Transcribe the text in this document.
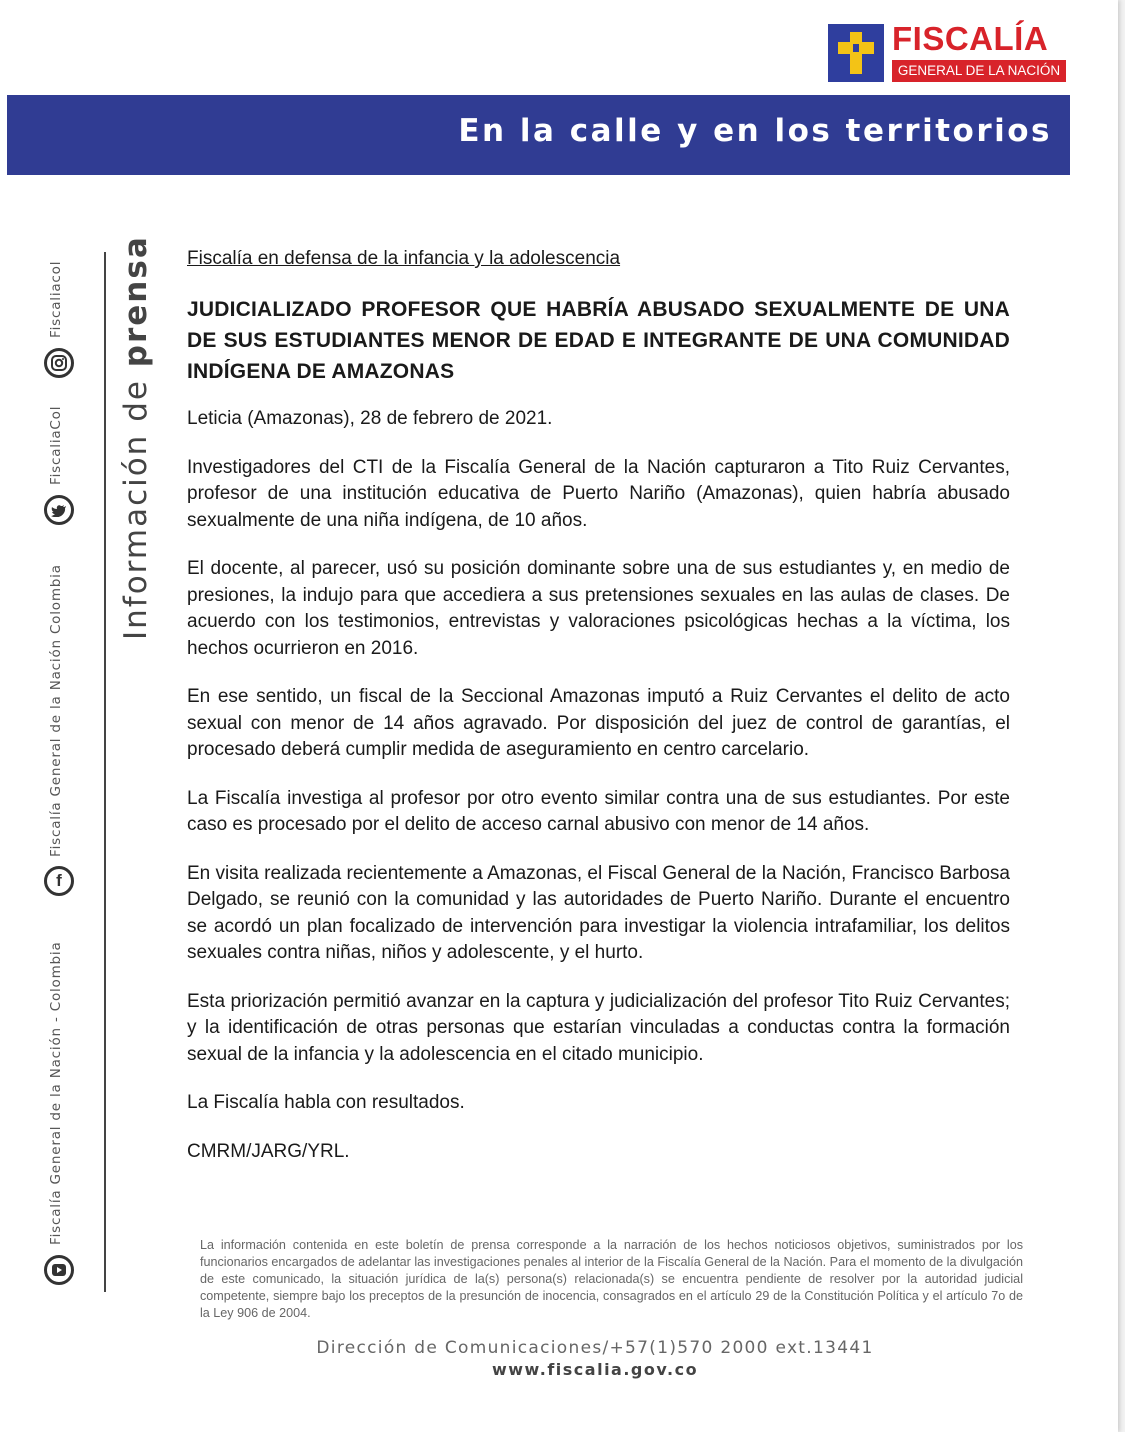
FISCALÍA
GENERAL DE LA NACIÓN
En la calle y en los territorios
Información de prensa
Fiscalía General de la Nación - Colombia
f
Fiscalía General de la Nación Colombia
FiscaliaCol
Fiscaliacol
Fiscalía en defensa de la infancia y la adolescencia
JUDICIALIZADO PROFESOR QUE HABRÍA ABUSADO SEXUALMENTE DE UNA DE SUS ESTUDIANTES MENOR DE EDAD E INTEGRANTE DE UNA COMUNIDAD INDÍGENA DE AMAZONAS

Leticia (Amazonas), 28 de febrero de 2021.

Investigadores del CTI de la Fiscalía General de la Nación capturaron a Tito Ruiz Cervantes, profesor de una institución educativa de Puerto Nariño (Amazonas), quien habría abusado sexualmente de una niña indígena, de 10 años.

El docente, al parecer, usó su posición dominante sobre una de sus estudiantes y, en medio de presiones, la indujo para que accediera a sus pretensiones sexuales en las aulas de clases. De acuerdo con los testimonios, entrevistas y valoraciones psicológicas hechas a la víctima, los hechos ocurrieron en 2016.

En ese sentido, un fiscal de la Seccional Amazonas imputó a Ruiz Cervantes el delito de acto sexual con menor de 14 años agravado. Por disposición del juez de control de garantías, el procesado deberá cumplir medida de aseguramiento en centro carcelario.

La Fiscalía investiga al profesor por otro evento similar contra una de sus estudiantes. Por este caso es procesado por el delito de acceso carnal abusivo con menor de 14 años.

En visita realizada recientemente a Amazonas, el Fiscal General de la Nación, Francisco Barbosa Delgado, se reunió con la comunidad y las autoridades de Puerto Nariño. Durante el encuentro se acordó un plan focalizado de intervención para investigar la violencia intrafamiliar, los delitos sexuales contra niñas, niños y adolescente, y el hurto.

Esta priorización permitió avanzar en la captura y judicialización del profesor Tito Ruiz Cervantes; y la identificación de otras personas que estarían vinculadas a conductas contra la formación sexual de la infancia y la adolescencia en el citado municipio.

La Fiscalía habla con resultados.

CMRM/JARG/YRL.

La información contenida en este boletín de prensa corresponde a la narración de los hechos noticiosos objetivos, suministrados por los funcionarios encargados de adelantar las investigaciones penales al interior de la Fiscalía General de la Nación. Para el momento de la divulgación de este comunicado, la situación jurídica de la(s) persona(s) relacionada(s) se encuentra pendiente de resolver por la autoridad judicial competente, siempre bajo los preceptos de la presunción de inocencia, consagrados en el artículo 29 de la Constitución Política y el artículo 7o de la Ley 906 de 2004.
Dirección de Comunicaciones/+57(1)570 2000 ext.13441
www.fiscalia.gov.co
